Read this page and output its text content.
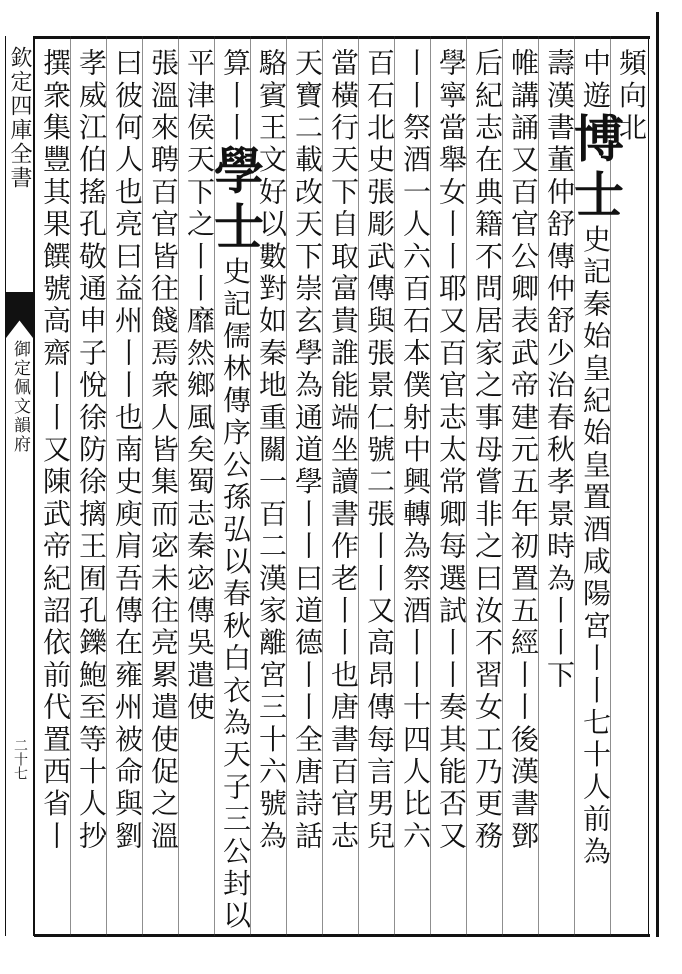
欽定四庫全書
御定佩文韻府
二十七
頻向北
中遊博士史記秦始皇紀始皇置酒咸陽宮丨丨七十人前為
壽漢書董仲舒傳仲舒少治春秋孝景時為丨丨下
帷講誦又百官公卿表武帝建元五年初置五經丨丨後漢書鄧
后紀志在典籍不問居家之事母嘗非之曰汝不習女工乃更務
學寧當舉女丨丨耶又百官志太常卿每選試丨丨奏其能否又
丨丨祭酒一人六百石本僕射中興轉為祭酒丨丨十四人比六
百石北史張彫武傳與張景仁號二張丨丨又高昂傳每言男兒
當橫行天下自取富貴誰能端坐讀書作老丨丨也唐書百官志
天寶二載改天下崇玄學為通道學丨丨曰道德丨丨全唐詩話
駱賓王文好以數對如秦地重關一百二漢家離宮三十六號為
算丨丨學士史記儒林傳序公孫弘以春秋白衣為天子三公封以
平津侯天下之丨丨靡然鄉風矣蜀志秦宓傳吳遣使
張溫來聘百官皆往餞焉衆人皆集而宓未往亮累遣使促之溫
曰彼何人也亮曰益州丨丨也南史庾肩吾傳在雍州被命與劉
孝威江伯搖孔敬通申子悅徐防徐摛王囿孔鑠鮑至等十人抄
撰衆集豐其果饌號高齋丨丨又陳武帝紀詔依前代置西省丨
